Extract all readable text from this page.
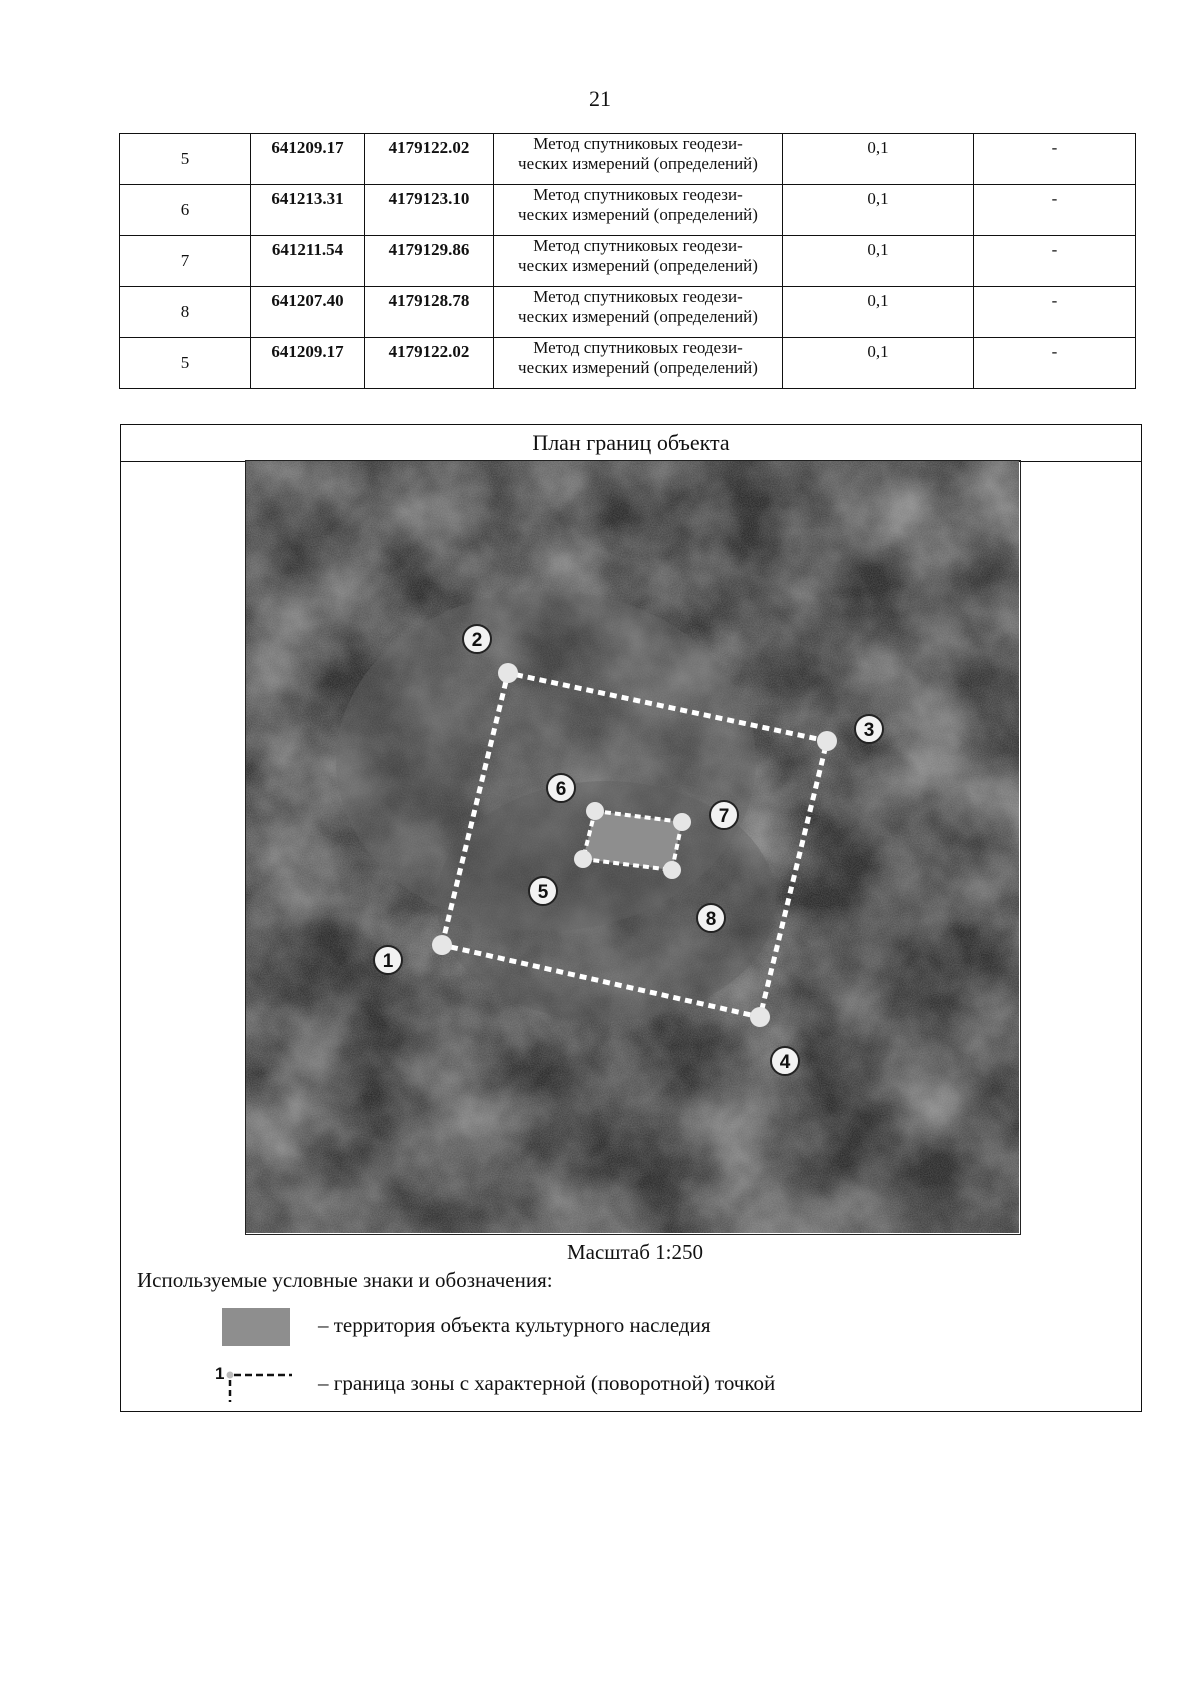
21
5	641209.17	4179122.02	Метод спутниковых геодези-
ческих измерений (определений)	0,1	-
6	641213.31	4179123.10	Метод спутниковых геодези-
ческих измерений (определений)	0,1	-
7	641211.54	4179129.86	Метод спутниковых геодези-
ческих измерений (определений)	0,1	-
8	641207.40	4179128.78	Метод спутниковых геодези-
ческих измерений (определений)	0,1	-
5	641209.17	4179122.02	Метод спутниковых геодези-
ческих измерений (определений)	0,1	-
План границ объекта
1
2
3
4
5
6
7
8
Масштаб 1:250
Используемые условные знаки и обозначения:
– территория объекта культурного наследия
1	– граница зоны с характерной (поворотной) точкой
